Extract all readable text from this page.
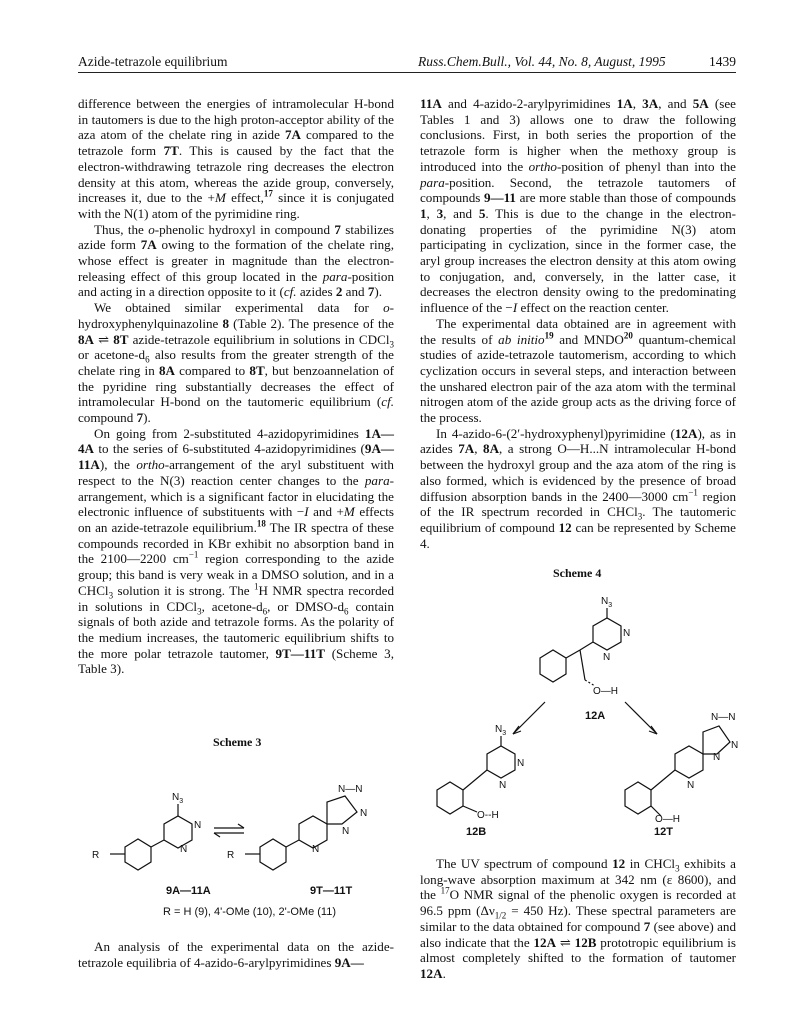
Azide-tetrazole equilibrium	Russ.Chem.Bull., Vol. 44, No. 8, August, 1995	1439

difference between the energies of intramolecular H-bond in tautomers is due to the high proton-acceptor ability of the aza atom of the chelate ring in azide 7A compared to the tetrazole form 7T. This is caused by the fact that the electron-withdrawing tetrazole ring decreases the electron density at this atom, whereas the azide group, conversely, increases it, due to the +M effect,$^{17}$ since it is conjugated with the N(1) atom of the pyrimidine ring.

Thus, the o-phenolic hydroxyl in compound 7 stabilizes azide form 7A owing to the formation of the chelate ring, whose effect is greater in magnitude than the electron-releasing effect of this group located in the para-position and acting in a direction opposite to it (cf. azides 2 and 7).

We obtained similar experimental data for o-hydroxyphenylquinazoline 8 (Table 2). The presence of the 8A ⇌ 8T azide-tetrazole equilibrium in solutions in CDCl$_3$ or acetone-$d_6$ also results from the greater strength of the chelate ring in 8A compared to 8T, but benzoannelation of the pyridine ring substantially decreases the effect of intramolecular H-bond on the tautomeric equilibrium (cf. compound 7).

On going from 2-substituted 4-azidopyrimidines 1A—4A to the series of 6-substituted 4-azidopyrimidines (9A—11A), the ortho-arrangement of the aryl substituent with respect to the N(3) reaction center changes to the para-arrangement, which is a significant factor in elucidating the electronic influence of substituents with −I and +M effects on an azide-tetrazole equilibrium.$^{18}$ The IR spectra of these compounds recorded in KBr exhibit no absorption band in the 2100—2200 $cm^{-1}$ region corresponding to the azide group; this band is very weak in a DMSO solution, and in a CHCl$_3$ solution it is strong. The $^1$H NMR spectra recorded in solutions in CDCl$_3$, acetone-$d_6$, or DMSO-$d_6$ contain signals of both azide and tetrazole forms. As the polarity of the medium increases, the tautomeric equilibrium shifts to the more polar tetrazole tautomer, 9T—11T (Scheme 3, Table 3).

Scheme 3
R
$N_3$
N
N
R
N—N
N
N
N
9A—11A	9T—11T
R = H (9), 4'-OMe (10), 2'-OMe (11)

An analysis of the experimental data on the azide-tetrazole equilibria of 4-azido-6-arylpyrimidines 9A—

11A and 4-azido-2-arylpyrimidines 1A, 3A, and 5A (see Tables 1 and 3) allows one to draw the following conclusions. First, in both series the proportion of the tetrazole form is higher when the methoxy group is introduced into the ortho-position of phenyl than into the para-position. Second, the tetrazole tautomers of compounds 9—11 are more stable than those of compounds 1, 3, and 5. This is due to the change in the electron-donating properties of the pyrimidine N(3) atom participating in cyclization, since in the former case, the aryl group increases the electron density at this atom owing to conjugation, and, conversely, in the latter case, it decreases the electron density owing to the predominating influence of the −I effect on the reaction center.

The experimental data obtained are in agreement with the results of ab initio$^{19}$ and MNDO$^{20}$ quantum-chemical studies of azide-tetrazole tautomerism, according to which cyclization occurs in several steps, and interaction between the unshared electron pair of the aza atom with the terminal nitrogen atom of the azide group acts as the driving force of the process.

In 4-azido-6-(2′-hydroxyphenyl)pyrimidine (12A), as in azides 7A, 8A, a strong O—H...N intramolecular H-bond between the hydroxyl group and the aza atom of the ring is also formed, which is evidenced by the presence of broad diffusion absorption bands in the 2400—3000 $cm^{-1}$ region of the IR spectrum recorded in CHCl$_3$. The tautomeric equilibrium of compound 12 can be represented by Scheme 4.

Scheme 4
$N_3$
N
N
O—H
$N_3$
N
N
O--H
N—N
N
N
N
O—H
12A
12B	12T

The UV spectrum of compound 12 in CHCl$_3$ exhibits a long-wave absorption maximum at 342 nm (ε 8600), and the $^{17}$O NMR signal of the phenolic oxygen is recorded at 96.5 ppm ($\Delta\nu_{1/2} = 450$ Hz). These spectral parameters are similar to the data obtained for compound 7 (see above) and also indicate that the 12A ⇌ 12B prototropic equilibrium is almost completely shifted to the formation of tautomer 12A.
